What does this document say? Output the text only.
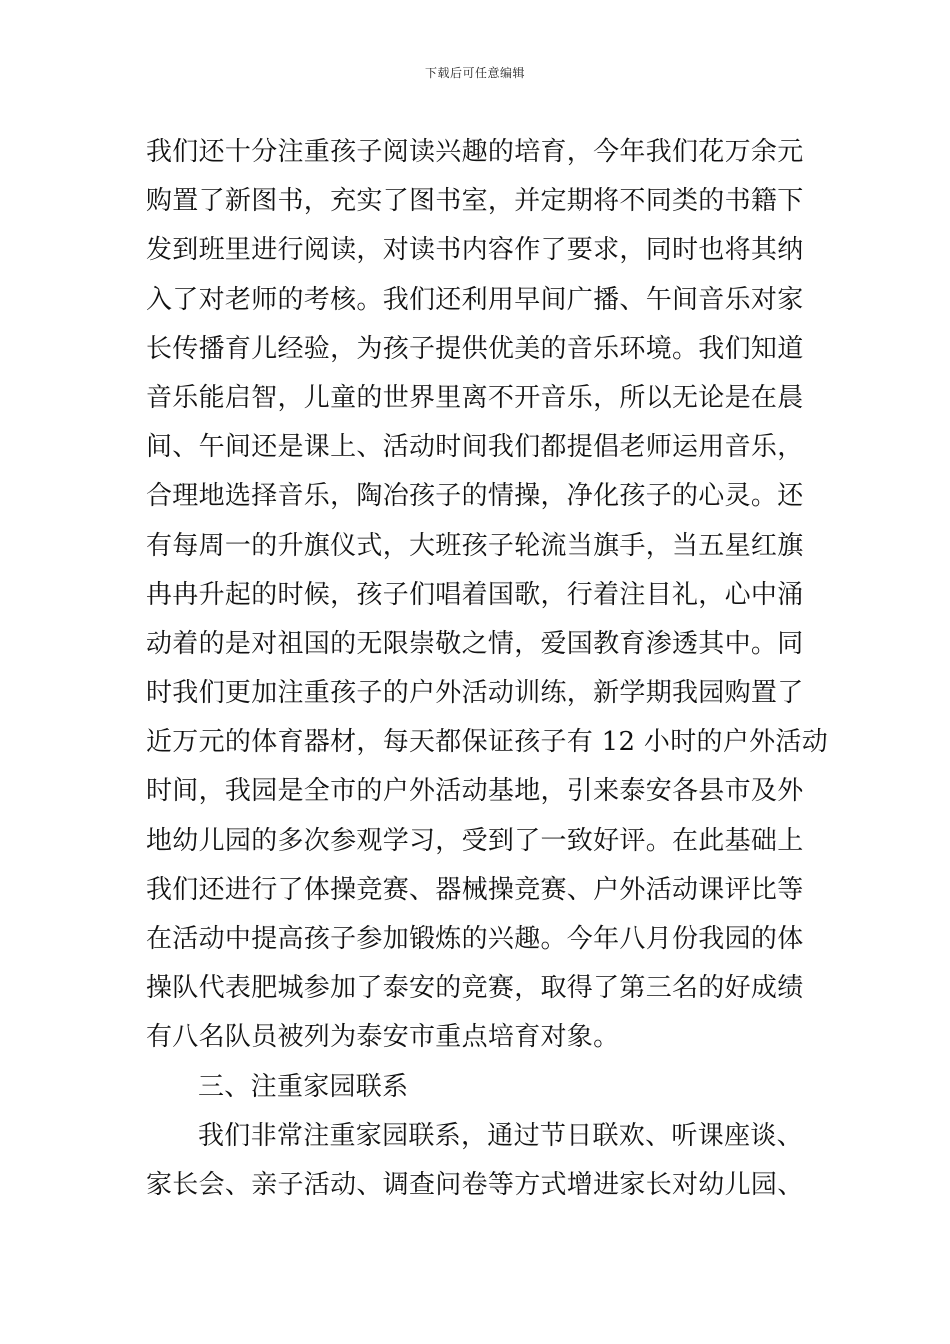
下载后可任意编辑
我们还十分注重孩子阅读兴趣的培育，今年我们花万余元
购置了新图书，充实了图书室，并定期将不同类的书籍下
发到班里进行阅读，对读书内容作了要求，同时也将其纳
入了对老师的考核。我们还利用早间广播、午间音乐对家
长传播育儿经验，为孩子提供优美的音乐环境。我们知道
音乐能启智，儿童的世界里离不开音乐，所以无论是在晨
间、午间还是课上、活动时间我们都提倡老师运用音乐，
合理地选择音乐，陶冶孩子的情操，净化孩子的心灵。还
有每周一的升旗仪式，大班孩子轮流当旗手，当五星红旗
冉冉升起的时候，孩子们唱着国歌，行着注目礼，心中涌
动着的是对祖国的无限崇敬之情，爱国教育渗透其中。同
时我们更加注重孩子的户外活动训练，新学期我园购置了
近万元的体育器材，每天都保证孩子有 12 小时的户外活动
时间，我园是全市的户外活动基地，引来泰安各县市及外
地幼儿园的多次参观学习，受到了一致好评。在此基础上
我们还进行了体操竞赛、器械操竞赛、户外活动课评比等
在活动中提高孩子参加锻炼的兴趣。今年八月份我园的体
操队代表肥城参加了泰安的竞赛，取得了第三名的好成绩
有八名队员被列为泰安市重点培育对象。
三、注重家园联系
我们非常注重家园联系，通过节日联欢、听课座谈、
家长会、亲子活动、调查问卷等方式增进家长对幼儿园、
